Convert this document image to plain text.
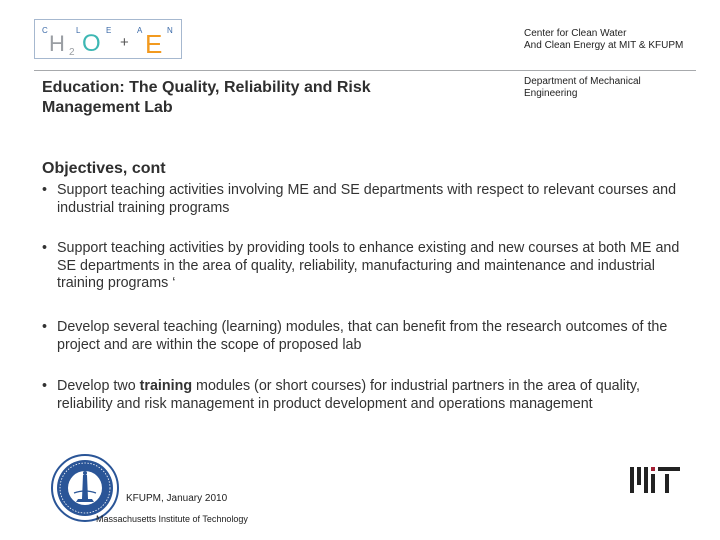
C	L	E	A	N
H 2 O + E	Center for Clean Water
And Clean Energy at MIT & KFUPM
Education: The Quality, Reliability and Risk
Management Lab
Department of Mechanical
Engineering
Objectives, cont
• Support teaching activities involving ME and SE departments with respect to relevant courses and industrial training programs
• Support teaching activities by providing tools to enhance existing and new courses at both ME and SE departments in the area of quality, reliability, manufacturing and maintenance and industrial training programs ‘
• Develop several teaching (learning) modules, that can benefit from the research outcomes of the project and are within the scope of proposed lab
• Develop two training modules (or short courses) for industrial partners in the area of quality, reliability and risk management in product development and operations management
KFUPM, January 2010
Massachusetts Institute of Technology
